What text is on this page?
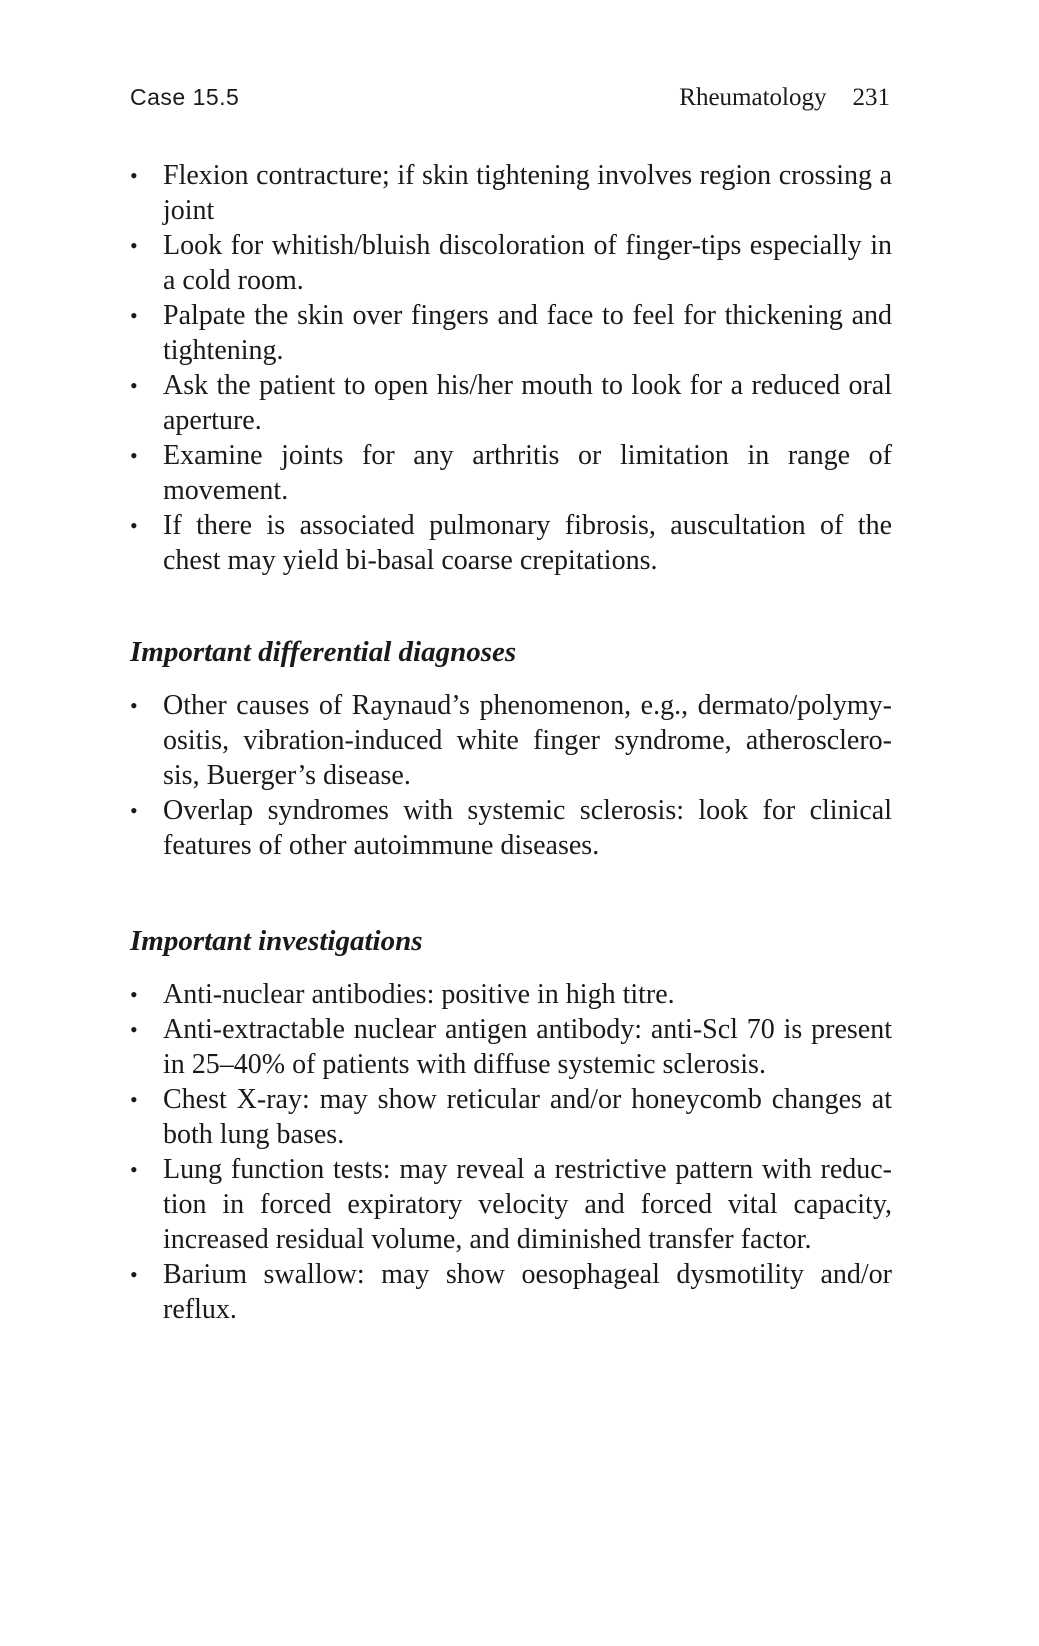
Case 15.5	Rheumatology 231
• Flexion contracture; if skin tightening involves region crossing a joint
• Look for whitish/bluish discoloration of finger-tips especially in a cold room.
• Palpate the skin over fingers and face to feel for thickening and tightening.
• Ask the patient to open his/her mouth to look for a reduced oral aperture.
• Examine joints for any arthritis or limitation in range of movement.
• If there is associated pulmonary fibrosis, auscultation of the chest may yield bi-basal coarse crepitations.
Important differential diagnoses
• Other causes of Raynaud’s phenomenon, e.g., dermato/polymy-ositis, vibration-induced white finger syndrome, atherosclero-sis, Buerger’s disease.
• Overlap syndromes with systemic sclerosis: look for clinical features of other autoimmune diseases.
Important investigations
• Anti-nuclear antibodies: positive in high titre.
• Anti-extractable nuclear antigen antibody: anti-Scl 70 is present in 25–40% of patients with diffuse systemic sclerosis.
• Chest X-ray: may show reticular and/or honeycomb changes at both lung bases.
• Lung function tests: may reveal a restrictive pattern with reduc-tion in forced expiratory velocity and forced vital capacity, increased residual volume, and diminished transfer factor.
• Barium swallow: may show oesophageal dysmotility and/or reflux.
